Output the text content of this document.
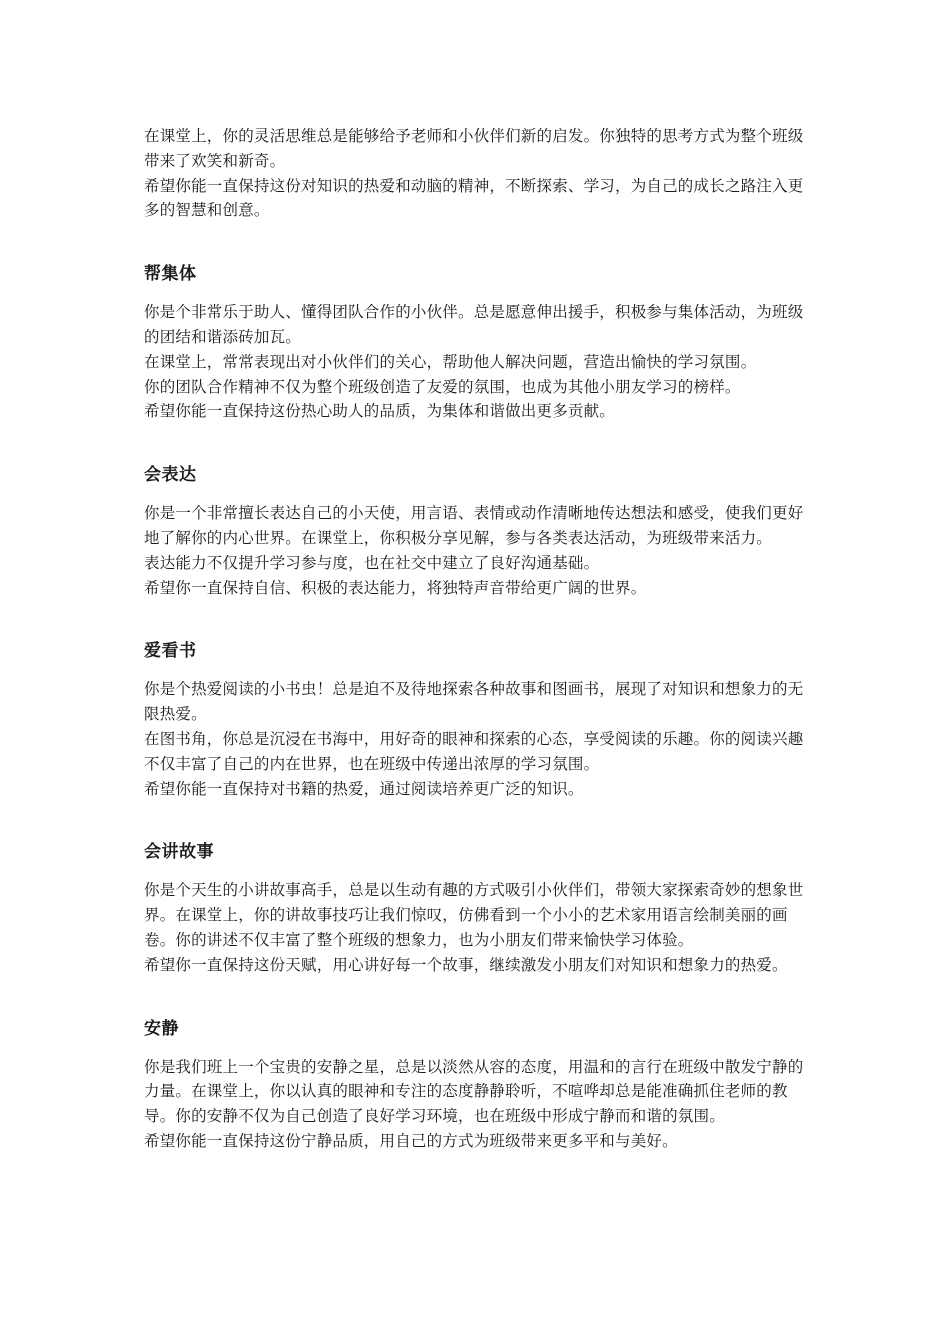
在课堂上，你的灵活思维总是能够给予老师和小伙伴们新的启发。你独特的思考方式为整个班级带来了欢笑和新奇。

希望你能一直保持这份对知识的热爱和动脑的精神，不断探索、学习，为自己的成长之路注入更多的智慧和创意。

帮集体

你是个非常乐于助人、懂得团队合作的小伙伴。总是愿意伸出援手，积极参与集体活动，为班级的团结和谐添砖加瓦。

在课堂上，常常表现出对小伙伴们的关心，帮助他人解决问题，营造出愉快的学习氛围。

你的团队合作精神不仅为整个班级创造了友爱的氛围，也成为其他小朋友学习的榜样。

希望你能一直保持这份热心助人的品质，为集体和谐做出更多贡献。

会表达

你是一个非常擅长表达自己的小天使，用言语、表情或动作清晰地传达想法和感受，使我们更好地了解你的内心世界。在课堂上，你积极分享见解，参与各类表达活动，为班级带来活力。

表达能力不仅提升学习参与度，也在社交中建立了良好沟通基础。

希望你一直保持自信、积极的表达能力，将独特声音带给更广阔的世界。

爱看书

你是个热爱阅读的小书虫！总是迫不及待地探索各种故事和图画书，展现了对知识和想象力的无限热爱。

在图书角，你总是沉浸在书海中，用好奇的眼神和探索的心态，享受阅读的乐趣。你的阅读兴趣不仅丰富了自己的内在世界，也在班级中传递出浓厚的学习氛围。

希望你能一直保持对书籍的热爱，通过阅读培养更广泛的知识。

会讲故事

你是个天生的小讲故事高手，总是以生动有趣的方式吸引小伙伴们，带领大家探索奇妙的想象世界。在课堂上，你的讲故事技巧让我们惊叹，仿佛看到一个小小的艺术家用语言绘制美丽的画卷。你的讲述不仅丰富了整个班级的想象力，也为小朋友们带来愉快学习体验。

希望你一直保持这份天赋，用心讲好每一个故事，继续激发小朋友们对知识和想象力的热爱。

安静

你是我们班上一个宝贵的安静之星，总是以淡然从容的态度，用温和的言行在班级中散发宁静的力量。在课堂上，你以认真的眼神和专注的态度静静聆听，不喧哗却总是能准确抓住老师的教导。你的安静不仅为自己创造了良好学习环境，也在班级中形成宁静而和谐的氛围。

希望你能一直保持这份宁静品质，用自己的方式为班级带来更多平和与美好。
